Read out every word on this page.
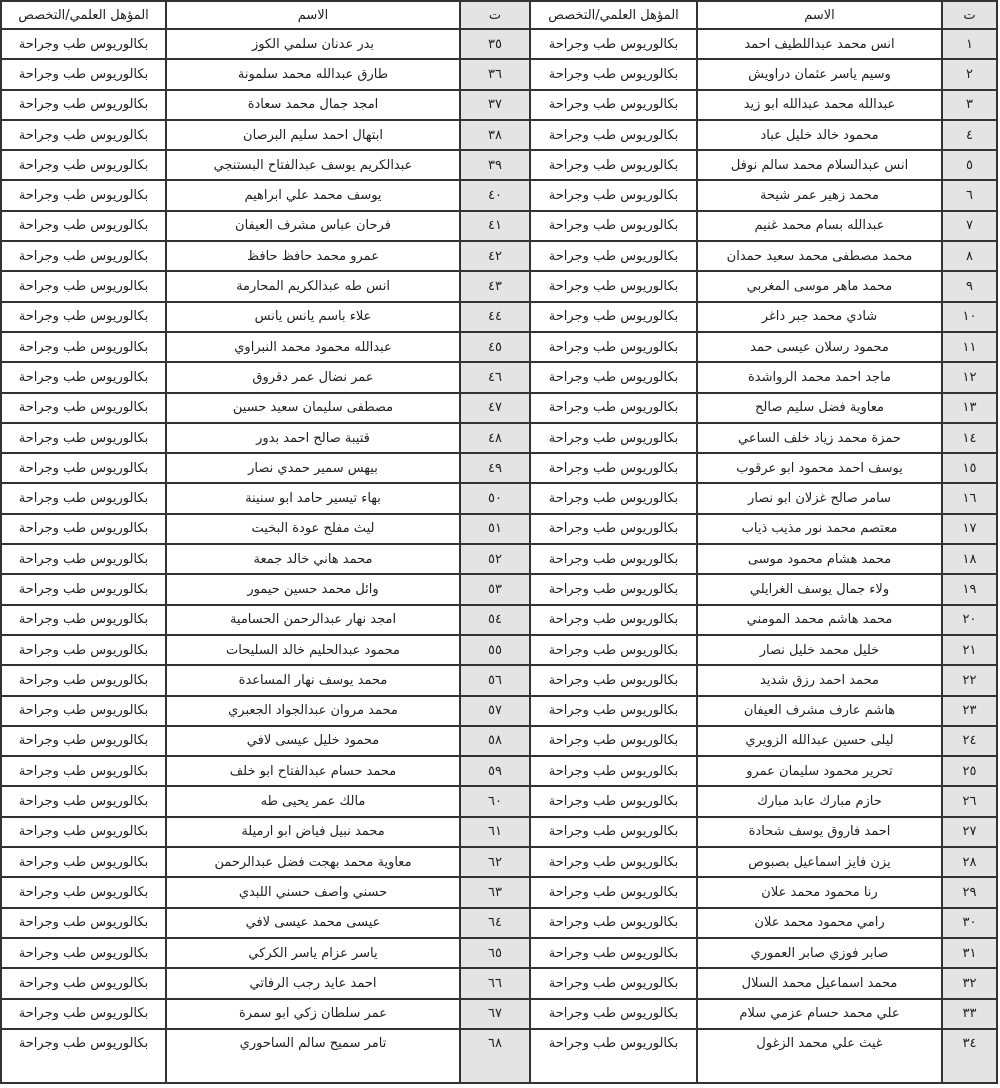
ت	الاسم	المؤهل العلمي/التخصص	ت	الاسم	المؤهل العلمي/التخصص
١	انس محمد عبداللطيف احمد	بكالوريوس طب وجراحة	٣٥	بدر عدنان سلمي الكوز	بكالوريوس طب وجراحة
٢	وسيم ياسر عثمان دراويش	بكالوريوس طب وجراحة	٣٦	طارق عبدالله محمد سلمونة	بكالوريوس طب وجراحة
٣	عبدالله محمد عبدالله ابو زيد	بكالوريوس طب وجراحة	٣٧	امجد جمال محمد سعادة	بكالوريوس طب وجراحة
٤	محمود خالد خليل عباد	بكالوريوس طب وجراحة	٣٨	ابتهال احمد سليم البرصان	بكالوريوس طب وجراحة
٥	انس عبدالسلام محمد سالم نوفل	بكالوريوس طب وجراحة	٣٩	عبدالكريم يوسف عبدالفتاح البستنجي	بكالوريوس طب وجراحة
٦	محمد زهير عمر شيحة	بكالوريوس طب وجراحة	٤٠	يوسف محمد علي ابراهيم	بكالوريوس طب وجراحة
٧	عبدالله بسام محمد غنيم	بكالوريوس طب وجراحة	٤١	فرحان عباس مشرف العيفان	بكالوريوس طب وجراحة
٨	محمد مصطفى محمد سعيد حمدان	بكالوريوس طب وجراحة	٤٢	عمرو محمد حافظ حافظ	بكالوريوس طب وجراحة
٩	محمد ماهر موسى المغربي	بكالوريوس طب وجراحة	٤٣	انس طه عبدالكريم المحارمة	بكالوريوس طب وجراحة
١٠	شادي محمد جبر داغر	بكالوريوس طب وجراحة	٤٤	علاء باسم يانس يانس	بكالوريوس طب وجراحة
١١	محمود رسلان عيسى حمد	بكالوريوس طب وجراحة	٤٥	عبدالله محمود محمد النبراوي	بكالوريوس طب وجراحة
١٢	ماجد احمد محمد الرواشدة	بكالوريوس طب وجراحة	٤٦	عمر نضال عمر دقروق	بكالوريوس طب وجراحة
١٣	معاوية فضل سليم صالح	بكالوريوس طب وجراحة	٤٧	مصطفى سليمان سعيد حسين	بكالوريوس طب وجراحة
١٤	حمزة محمد زياد خلف الساعي	بكالوريوس طب وجراحة	٤٨	قتيبة صالح احمد بدور	بكالوريوس طب وجراحة
١٥	يوسف احمد محمود ابو عرقوب	بكالوريوس طب وجراحة	٤٩	بيهس سمير حمدي نصار	بكالوريوس طب وجراحة
١٦	سامر صالح غزلان ابو نصار	بكالوريوس طب وجراحة	٥٠	بهاء تيسير حامد ابو سنينة	بكالوريوس طب وجراحة
١٧	معتصم محمد نور مذيب ذياب	بكالوريوس طب وجراحة	٥١	ليث مفلح عودة البخيت	بكالوريوس طب وجراحة
١٨	محمد هشام محمود موسى	بكالوريوس طب وجراحة	٥٢	محمد هاني خالد جمعة	بكالوريوس طب وجراحة
١٩	ولاء جمال يوسف الغرايلي	بكالوريوس طب وجراحة	٥٣	وائل محمد حسين حيمور	بكالوريوس طب وجراحة
٢٠	محمد هاشم محمد المومني	بكالوريوس طب وجراحة	٥٤	امجد نهار عبدالرحمن الحسامية	بكالوريوس طب وجراحة
٢١	خليل محمد خليل نصار	بكالوريوس طب وجراحة	٥٥	محمود عبدالحليم خالد السليحات	بكالوريوس طب وجراحة
٢٢	محمد احمد رزق شديد	بكالوريوس طب وجراحة	٥٦	محمد يوسف نهار المساعدة	بكالوريوس طب وجراحة
٢٣	هاشم عارف مشرف العيفان	بكالوريوس طب وجراحة	٥٧	محمد مروان عبدالجواد الجعبري	بكالوريوس طب وجراحة
٢٤	ليلى حسين عبدالله الزويري	بكالوريوس طب وجراحة	٥٨	محمود خليل عيسى لافي	بكالوريوس طب وجراحة
٢٥	تحرير محمود سليمان عمرو	بكالوريوس طب وجراحة	٥٩	محمد حسام عبدالفتاح ابو خلف	بكالوريوس طب وجراحة
٢٦	حازم مبارك عابد مبارك	بكالوريوس طب وجراحة	٦٠	مالك عمر يحيى طه	بكالوريوس طب وجراحة
٢٧	احمد فاروق يوسف شحادة	بكالوريوس طب وجراحة	٦١	محمد نبيل فياض ابو ارميلة	بكالوريوس طب وجراحة
٢٨	يزن فايز اسماعيل بصبوص	بكالوريوس طب وجراحة	٦٢	معاوية محمد بهجت فضل عبدالرحمن	بكالوريوس طب وجراحة
٢٩	رنا محمود محمد علان	بكالوريوس طب وجراحة	٦٣	حسني واصف حسني اللبدي	بكالوريوس طب وجراحة
٣٠	رامي محمود محمد علان	بكالوريوس طب وجراحة	٦٤	عيسى محمد عيسى لافي	بكالوريوس طب وجراحة
٣١	صابر فوزي صابر العموري	بكالوريوس طب وجراحة	٦٥	ياسر عزام ياسر الكركي	بكالوريوس طب وجراحة
٣٢	محمد اسماعيل محمد السلال	بكالوريوس طب وجراحة	٦٦	احمد عايد رجب الرفاتي	بكالوريوس طب وجراحة
٣٣	علي محمد حسام عزمي سلام	بكالوريوس طب وجراحة	٦٧	عمر سلطان زكي ابو سمرة	بكالوريوس طب وجراحة
٣٤	غيث علي محمد الزغول	بكالوريوس طب وجراحة	٦٨	تامر سميح سالم الساحوري	بكالوريوس طب وجراحة
